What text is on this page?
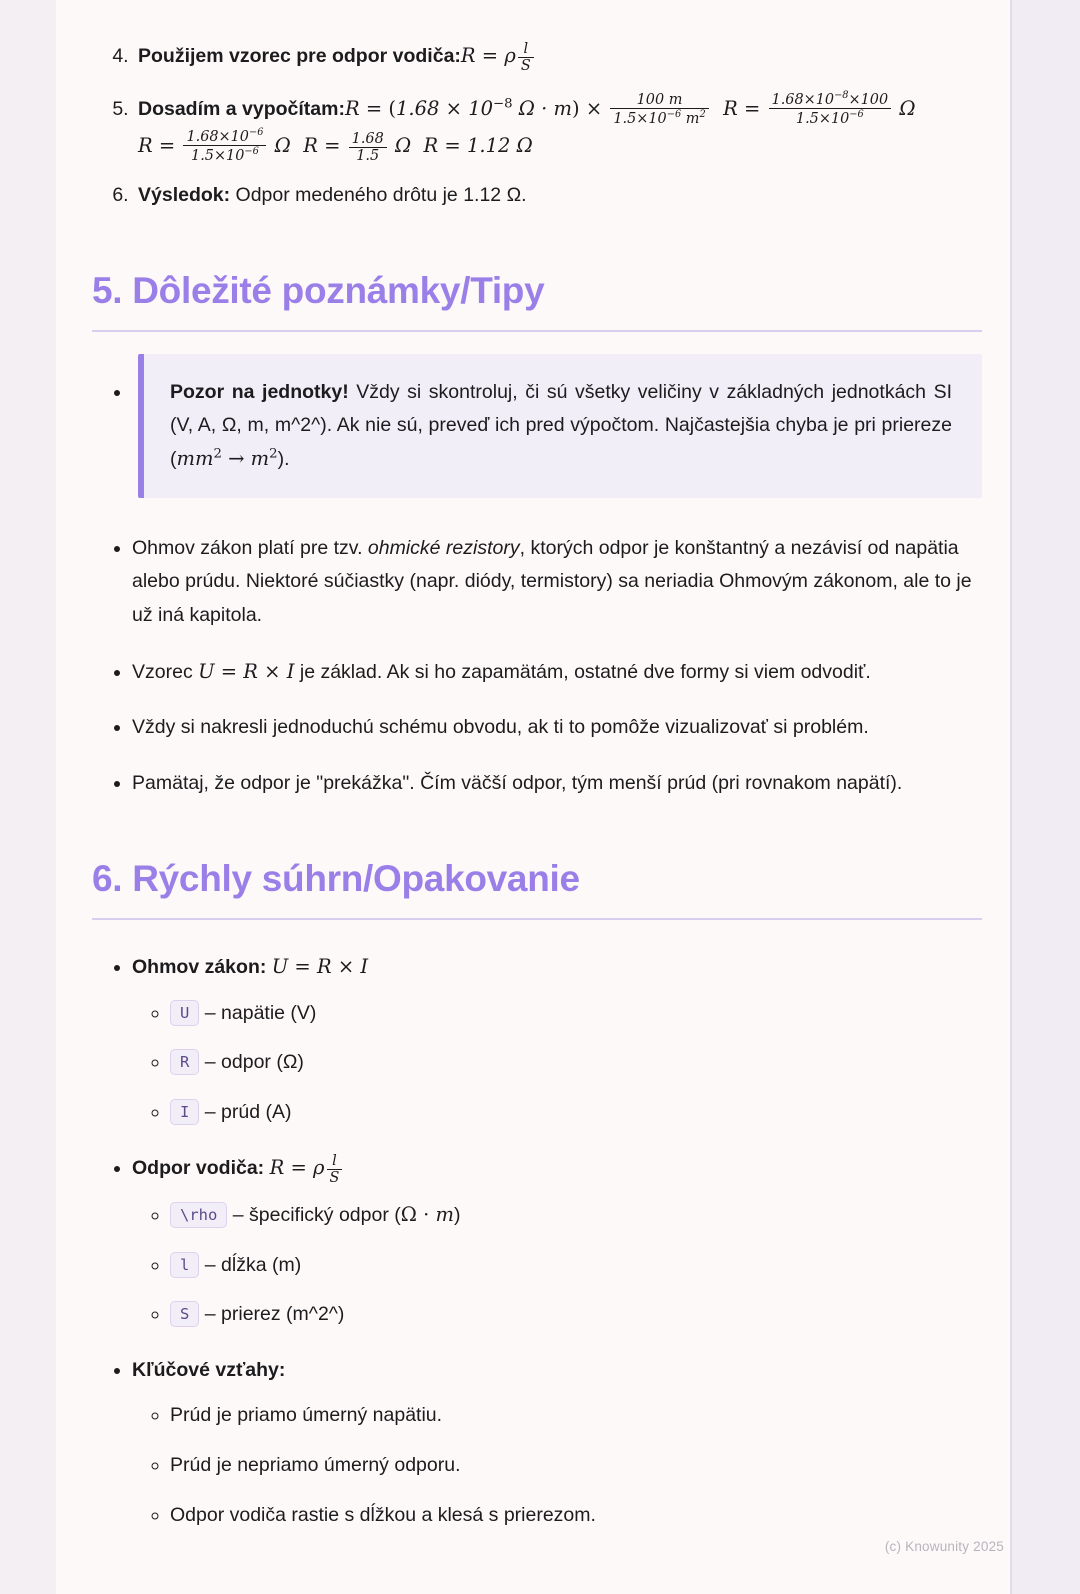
4. Použijem vzorec pre odpor vodiča:R = ρ $\frac{l}{S}$
5. Dosadím a vypočítam:R = ($1.68 \times 10^{-8}$ $\Omega \cdot m) \times \frac{100 m}{1.5\times 10^{-6} m^2}$ $R = \frac{1.68\times 10^{-8}\times 100}{1.5\times 10^{-6}}$ Ω
$R = \frac{1.68\times 10^{-6}}{1.5\times 10^{-6}}$ Ω  $R = \frac{1.68}{1.5}$ Ω  R = 1.12 Ω
6. Výsledok: Odpor medeného drôtu je 1.12 Ω.
5. Dôležité poznámky/Tipy

• Pozor na jednotky! Vždy si skontroluj, či sú všetky veličiny v základných jednotkách SI (V, A, Ω, m, m^2^). Ak nie sú, preveď ich pred výpočtom. Najčastejšia chyba je pri priereze $(mm^2 \to m^2)$.

• Ohmov zákon platí pre tzv. ohmické rezistory, ktorých odpor je konštantný a nezávisí od napätia alebo prúdu. Niektoré súčiastky (napr. diódy, termistory) sa neriadia Ohmovým zákonom, ale to je už iná kapitola.
• Vzorec U = R × I je základ. Ak si ho zapamätám, ostatné dve formy si viem odvodiť.
• Vždy si nakresli jednoduchú schému obvodu, ak ti to pomôže vizualizovať si problém.
• Pamätaj, že odpor je "prekážka". Čím väčší odpor, tým menší prúd (pri rovnakom napätí).
6. Rýchly súhrn/Opakovanie
• Ohmov zákon: U = R × I
◦ U – napätie (V)
◦ R – odpor (Ω)
◦ I – prúd (A)
• Odpor vodiča: R = ρ $\frac{l}{S}$
◦ \rho – špecifický odpor (Ω · m)
◦ l – dĺžka (m)
◦ S – prierez (m^2^)
• Kľúčové vzťahy:
◦ Prúd je priamo úmerný napätiu.
◦ Prúd je nepriamo úmerný odporu.
◦ Odpor vodiča rastie s dĺžkou a klesá s prierezom.
(c) Knowunity 2025
